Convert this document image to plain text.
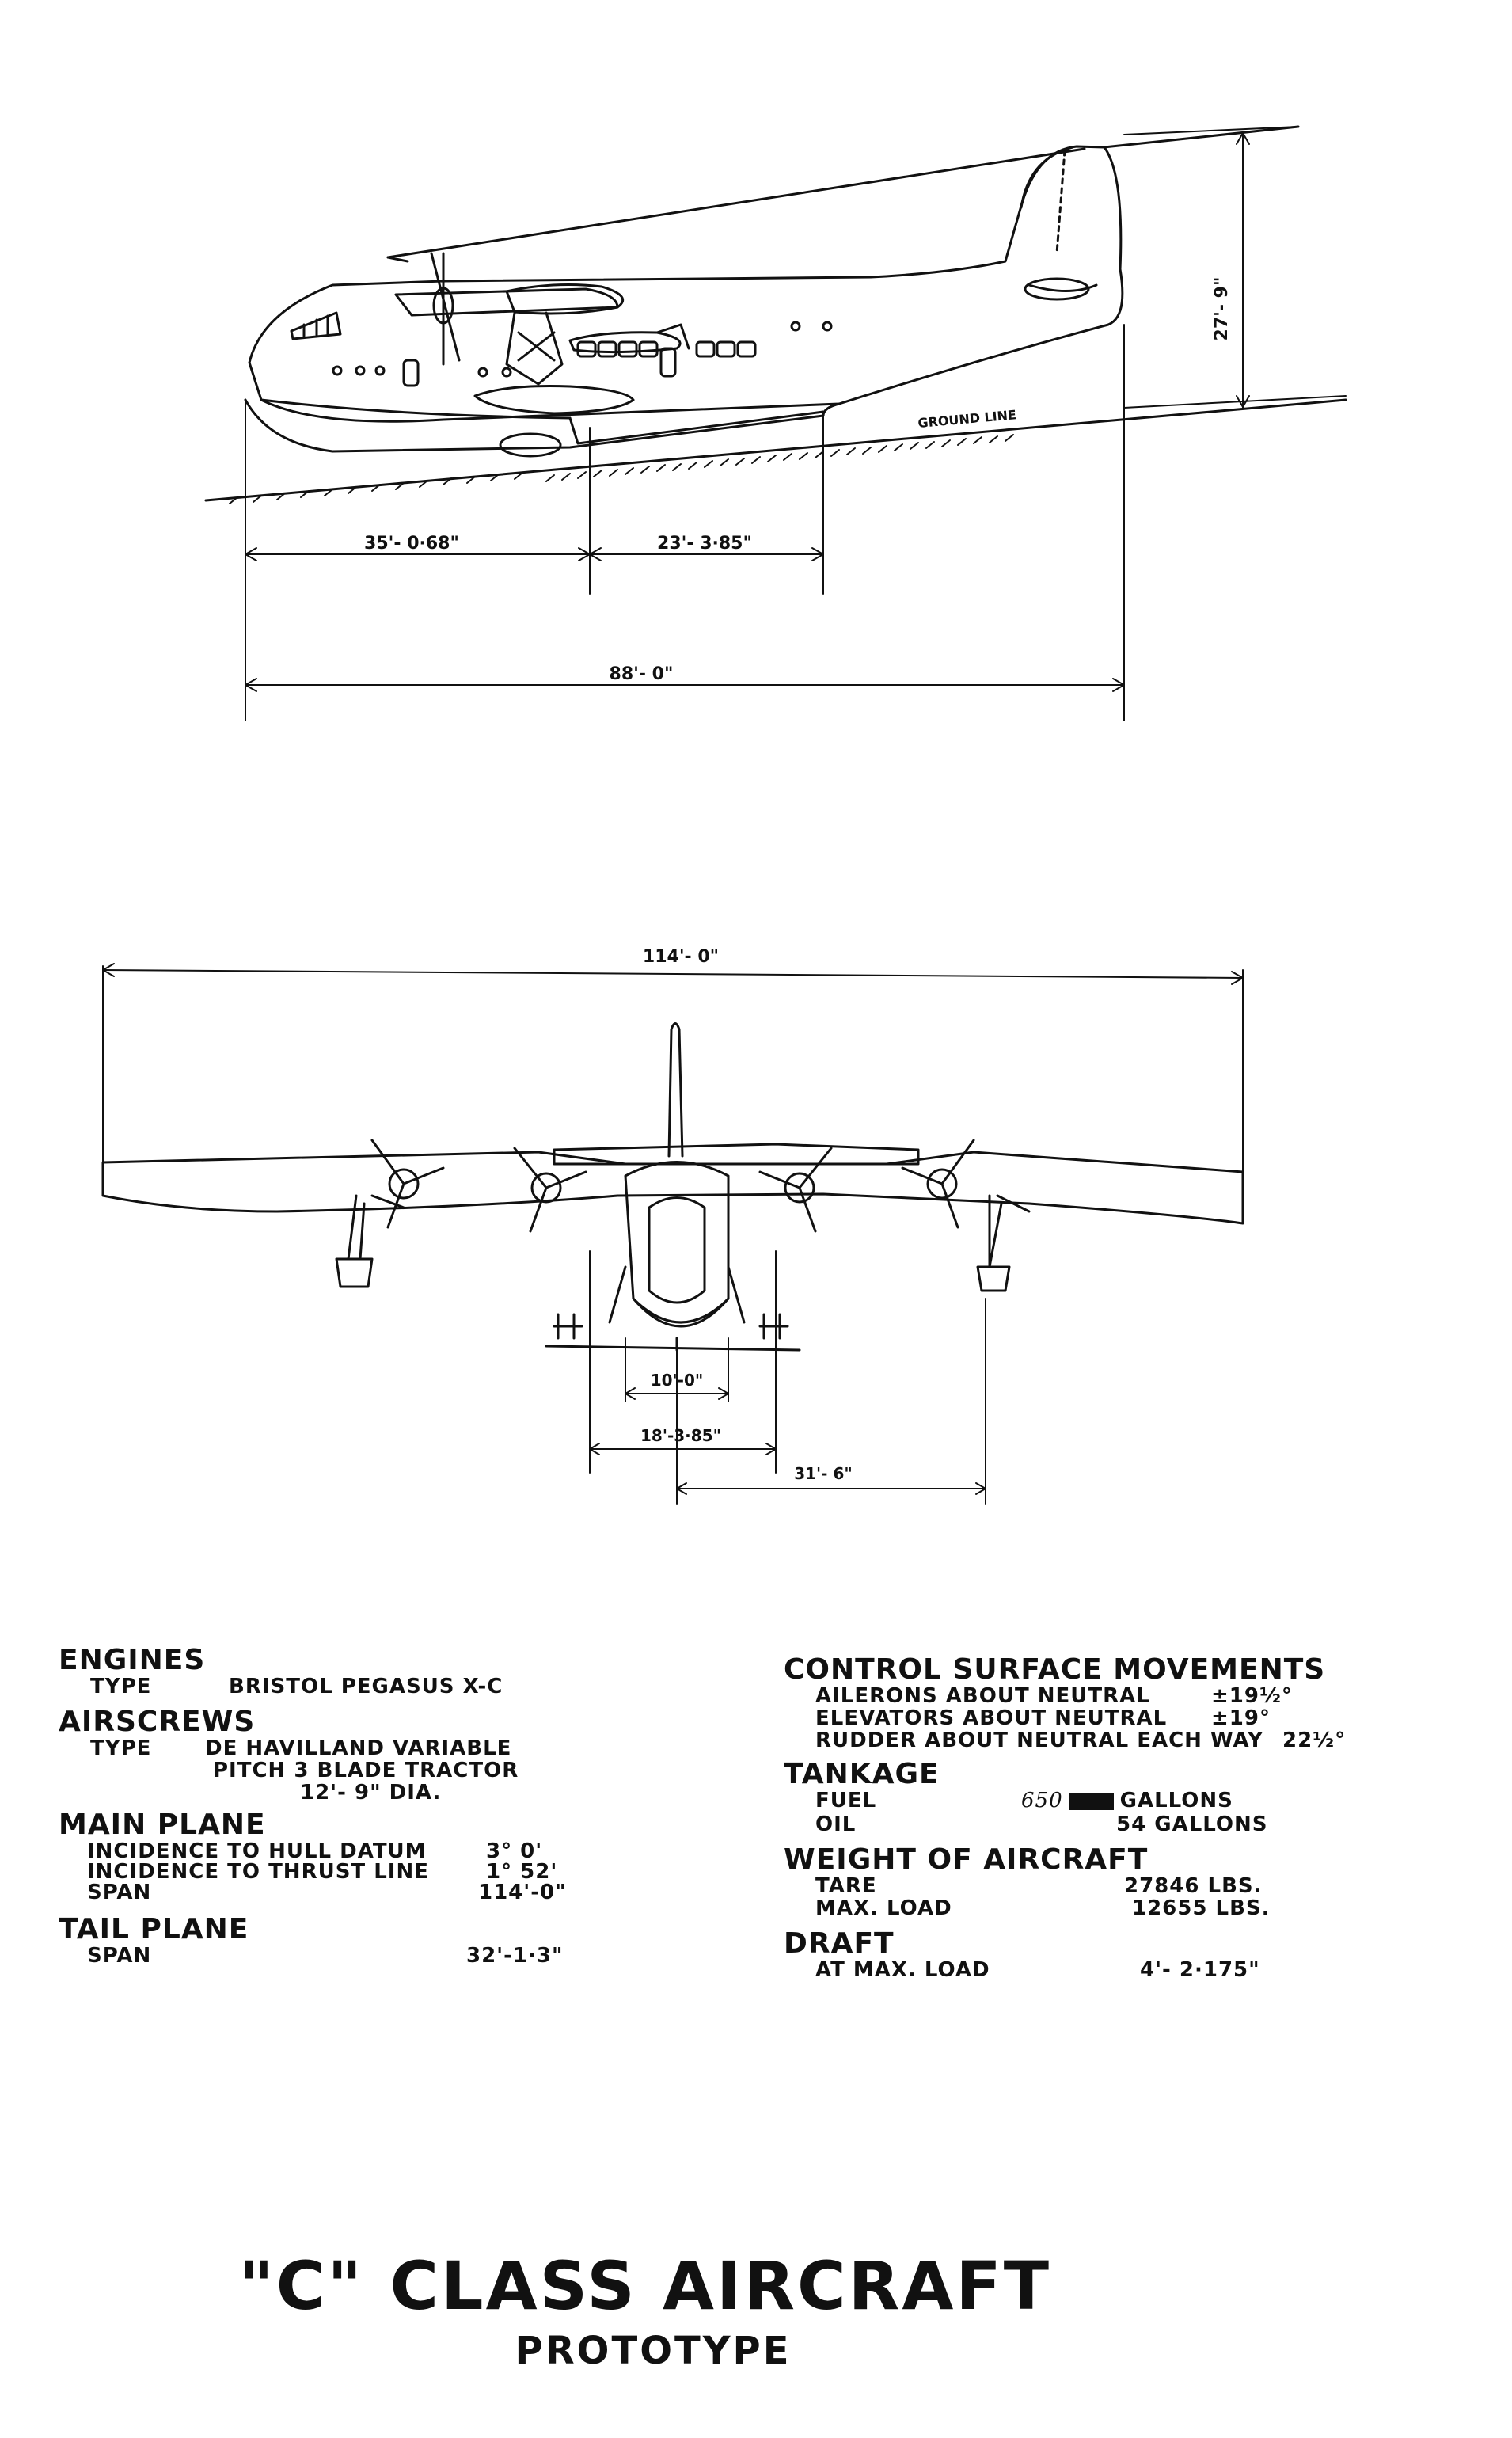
27'- 9"
GROUND LINE
35'- 0·68"	23'- 3·85"
88'- 0"
114'- 0"
10'-0"
18'-3·85"
31'- 6"
ENGINES
TYPE	BRISTOL PEGASUS X-C
AIRSCREWS
TYPE	DE HAVILLAND VARIABLE
PITCH 3 BLADE TRACTOR
12'- 9" DIA.
MAIN PLANE
INCIDENCE TO HULL DATUM	3° 0'
INCIDENCE TO THRUST LINE	1° 52'
SPAN	114'-0"
TAIL PLANE
SPAN	32'-1·3"
CONTROL SURFACE MOVEMENTS
AILERONS ABOUT NEUTRAL	±19½°
ELEVATORS ABOUT NEUTRAL ±19°
RUDDER ABOUT NEUTRAL EACH WAY 22½°
TANKAGE
FUEL	650	GALLONS
OIL	54 GALLONS
WEIGHT OF AIRCRAFT
TARE	27846 LBS.
MAX. LOAD	12655 LBS.
DRAFT
AT MAX. LOAD	4'- 2·175"
"C" CLASS AIRCRAFT
PROTOTYPE
